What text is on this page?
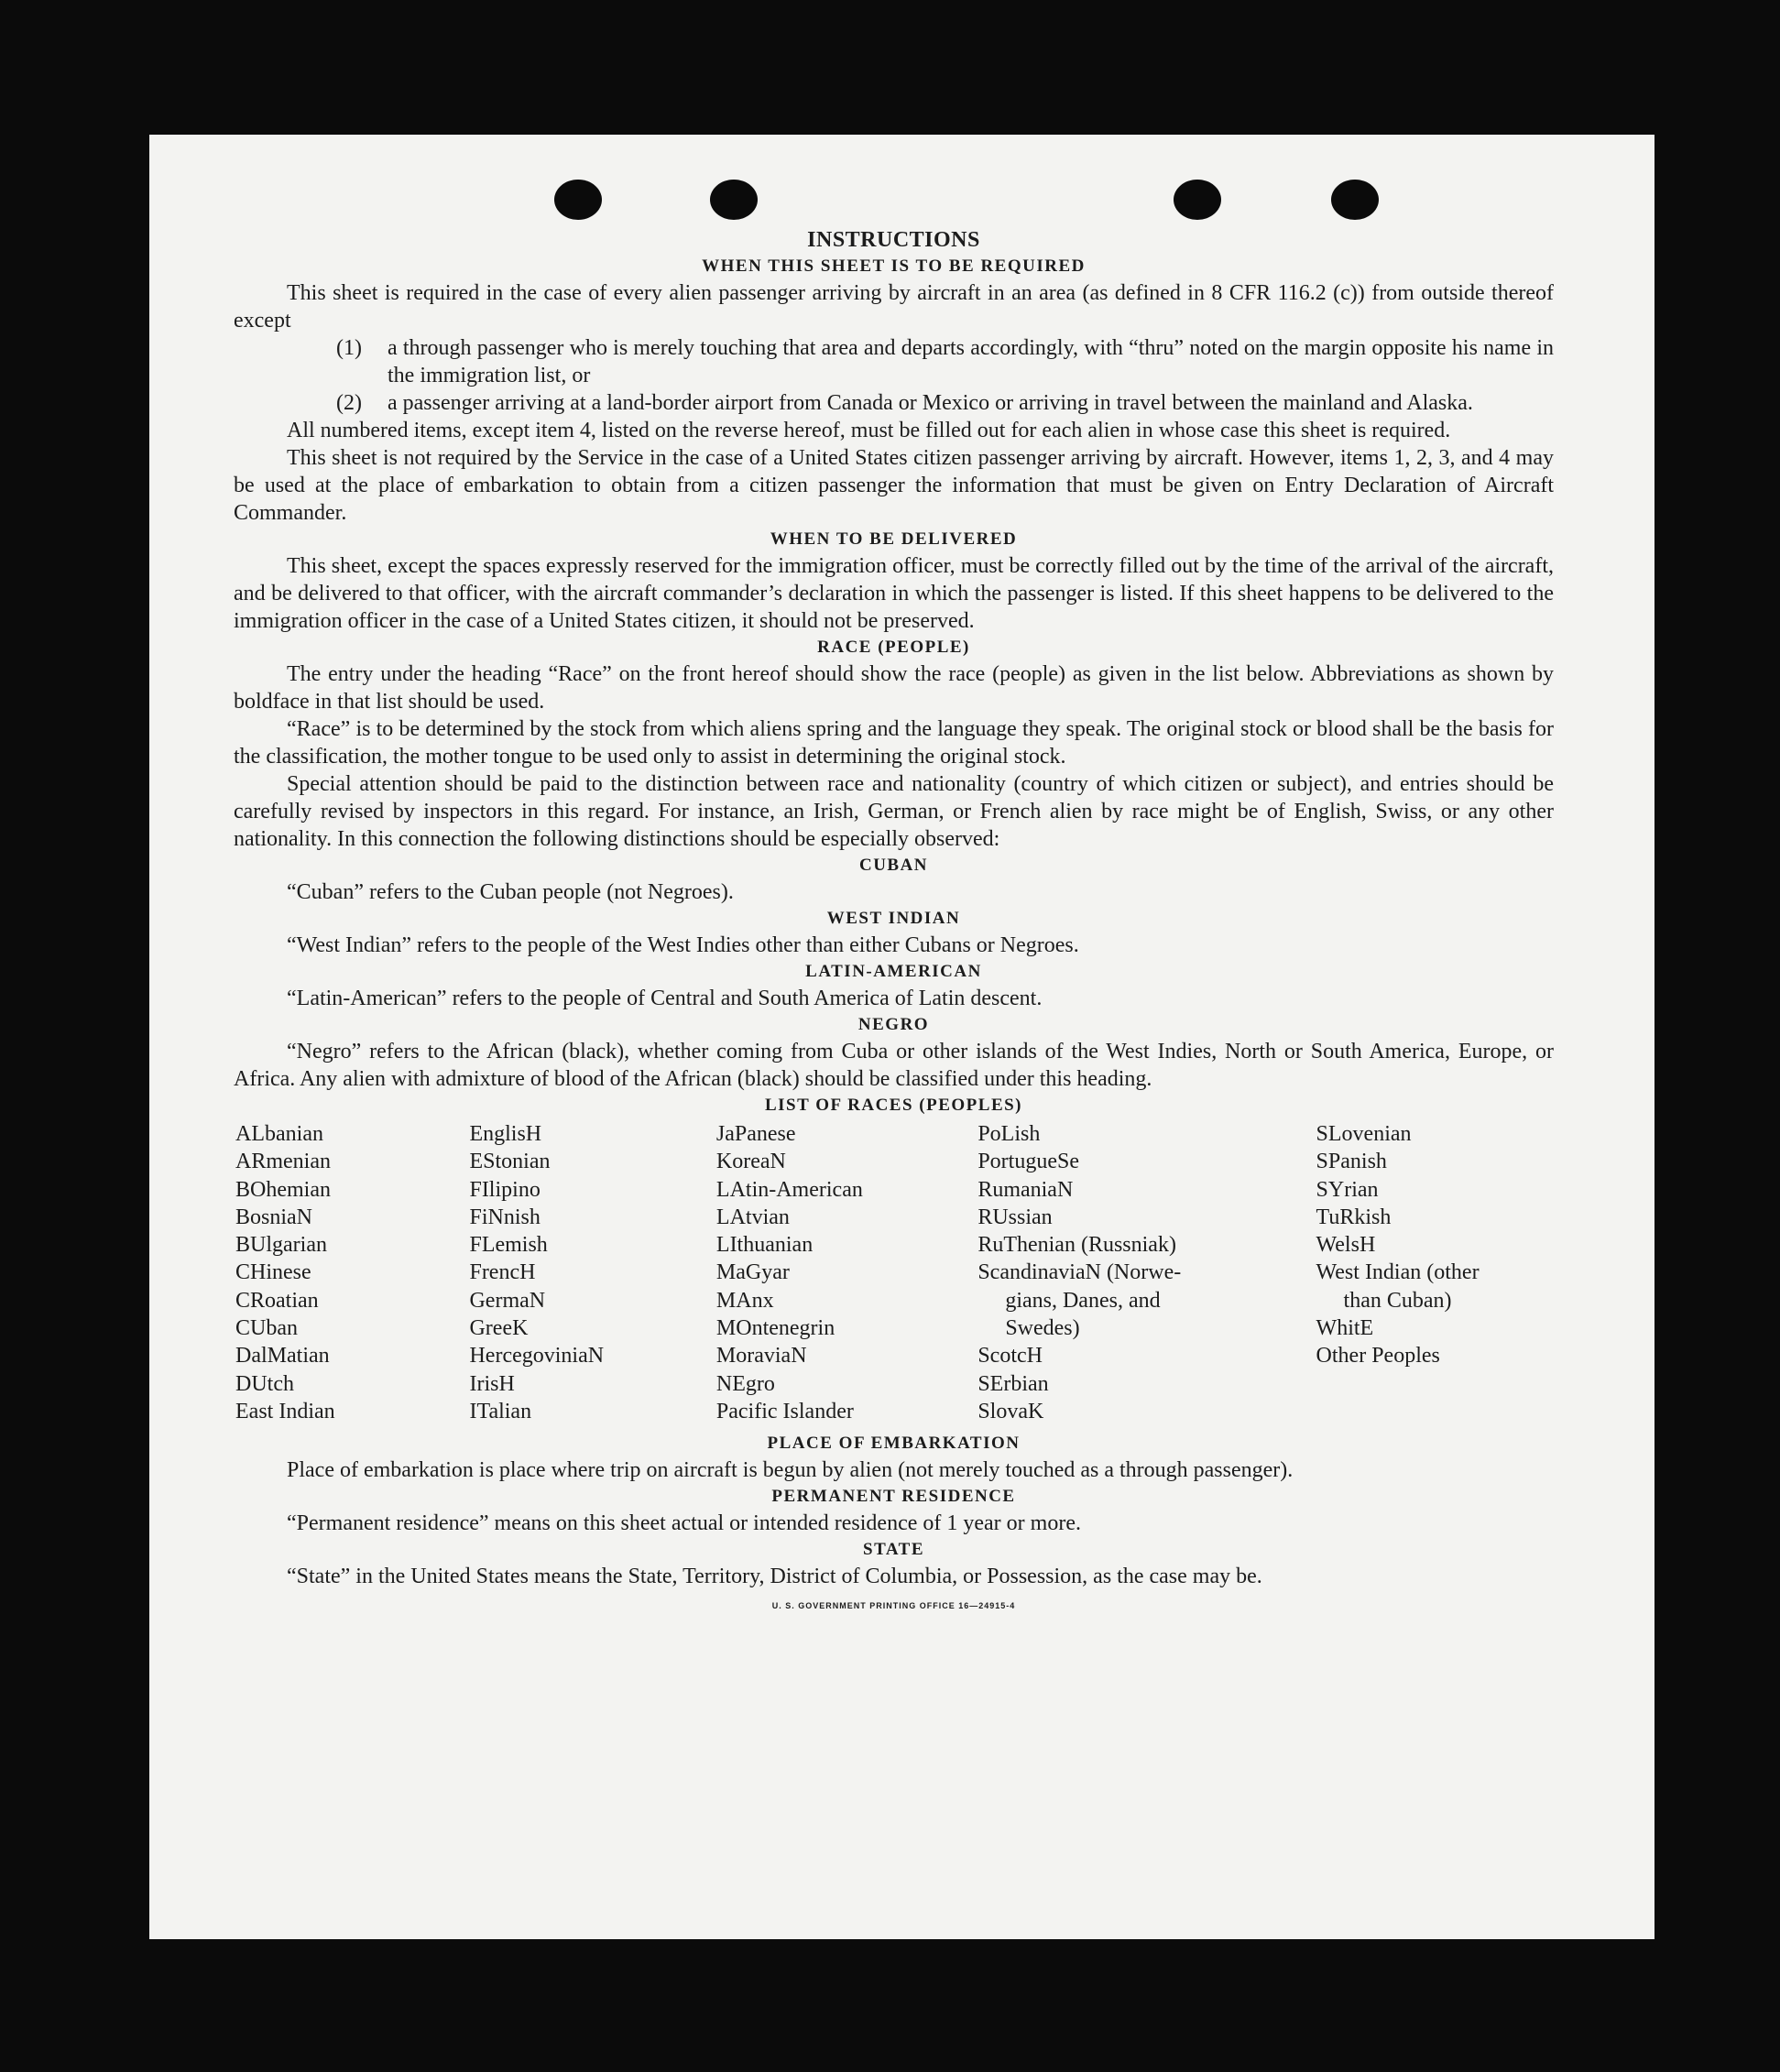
INSTRUCTIONS

WHEN THIS SHEET IS TO BE REQUIRED

This sheet is required in the case of every alien passenger arriving by aircraft in an area (as defined in 8 CFR 116.2 (c)) from outside thereof except

(1)	a through passenger who is merely touching that area and departs accordingly, with “thru” noted on the margin opposite his name in the immigration list, or
(2)	a passenger arriving at a land-border airport from Canada or Mexico or arriving in travel between the mainland and Alaska.

All numbered items, except item 4, listed on the reverse hereof, must be filled out for each alien in whose case this sheet is required.

This sheet is not required by the Service in the case of a United States citizen passenger arriving by aircraft. However, items 1, 2, 3, and 4 may be used at the place of embarkation to obtain from a citizen passenger the information that must be given on Entry Declaration of Aircraft Commander.

WHEN TO BE DELIVERED

This sheet, except the spaces expressly reserved for the immigration officer, must be correctly filled out by the time of the arrival of the aircraft, and be delivered to that officer, with the aircraft commander’s declaration in which the passenger is listed. If this sheet happens to be delivered to the immigration officer in the case of a United States citizen, it should not be preserved.

RACE (PEOPLE)

The entry under the heading “Race” on the front hereof should show the race (people) as given in the list below. Abbreviations as shown by boldface in that list should be used.

“Race” is to be determined by the stock from which aliens spring and the language they speak. The original stock or blood shall be the basis for the classification, the mother tongue to be used only to assist in determining the original stock.

Special attention should be paid to the distinction between race and nationality (country of which citizen or subject), and entries should be carefully revised by inspectors in this regard. For instance, an Irish, German, or French alien by race might be of English, Swiss, or any other nationality. In this connection the following distinctions should be especially observed:

CUBAN

“Cuban” refers to the Cuban people (not Negroes).

WEST INDIAN

“West Indian” refers to the people of the West Indies other than either Cubans or Negroes.

LATIN-AMERICAN

“Latin-American” refers to the people of Central and South America of Latin descent.

NEGRO

“Negro” refers to the African (black), whether coming from Cuba or other islands of the West Indies, North or South America, Europe, or Africa. Any alien with admixture of blood of the African (black) should be classified under this heading.

LIST OF RACES (PEOPLES)

ALbanian
ARmenian
BOhemian
BosniaN
BUlgarian
CHinese
CRoatian
CUban
DalMatian
DUtch
East Indian
EnglisH
EStonian
FIlipino
FiNnish
FLemish
FrencH
GermaN
GreeK
HercegoviniaN
IrisH
ITalian
JaPanese
KoreaN
LAtin-American
LAtvian
LIthuanian
MaGyar
MAnx
MOntenegrin
MoraviaN
NEgro
Pacific Islander
PoLish
PortugueSe
RumaniaN
RUssian
RuThenian (Russniak)
ScandinaviaN (Norwe-
gians, Danes, and
Swedes)
ScotcH
SErbian
SlovaK
SLovenian
SPanish
SYrian
TuRkish
WelsH
West Indian (other
than Cuban)
WhitE
Other Peoples

PLACE OF EMBARKATION

Place of embarkation is place where trip on aircraft is begun by alien (not merely touched as a through passenger).

PERMANENT RESIDENCE

“Permanent residence” means on this sheet actual or intended residence of 1 year or more.

STATE

“State” in the United States means the State, Territory, District of Columbia, or Possession, as the case may be.

U. S. GOVERNMENT PRINTING OFFICE 16—24915-4
